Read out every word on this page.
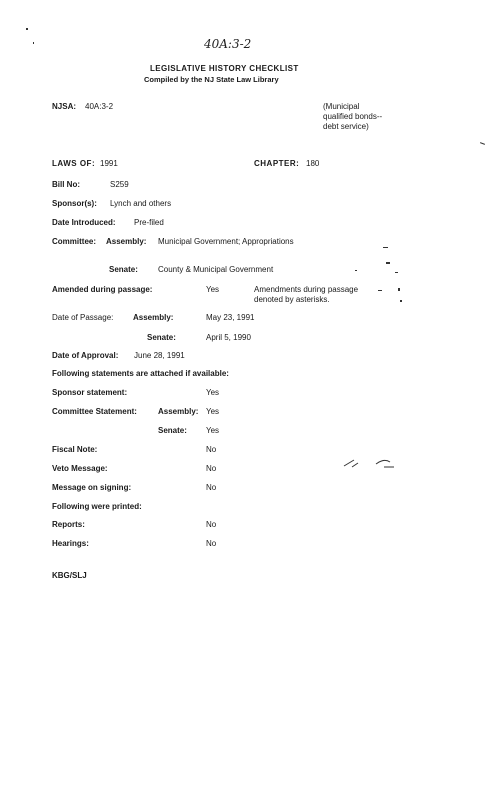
40A:3-2
LEGISLATIVE HISTORY CHECKLIST
Compiled by the NJ State Law Library
NJSA: 40A:3-2	(Municipal
qualified bonds--
debt service)
LAWS OF: 1991	CHAPTER: 180
Bill No:	S259
Sponsor(s): Lynch and others
Date Introduced: Pre-filed
Committee: Assembly: Municipal Government; Appropriations
Senate:	County & Municipal Government
Amended during passage:	Yes	Amendments during passage
denoted by asterisks.
Date of Passage: Assembly:	May 23, 1991
Senate:	April 5, 1990
Date of Approval: June 28, 1991
Following statements are attached if available:
Sponsor statement:	Yes
Committee Statement:	Assembly: Yes
Senate: Yes
Fiscal Note:	No
Veto Message:	No
Message on signing:	No
Following were printed:
Reports:	No
Hearings:	No
KBG/SLJ
